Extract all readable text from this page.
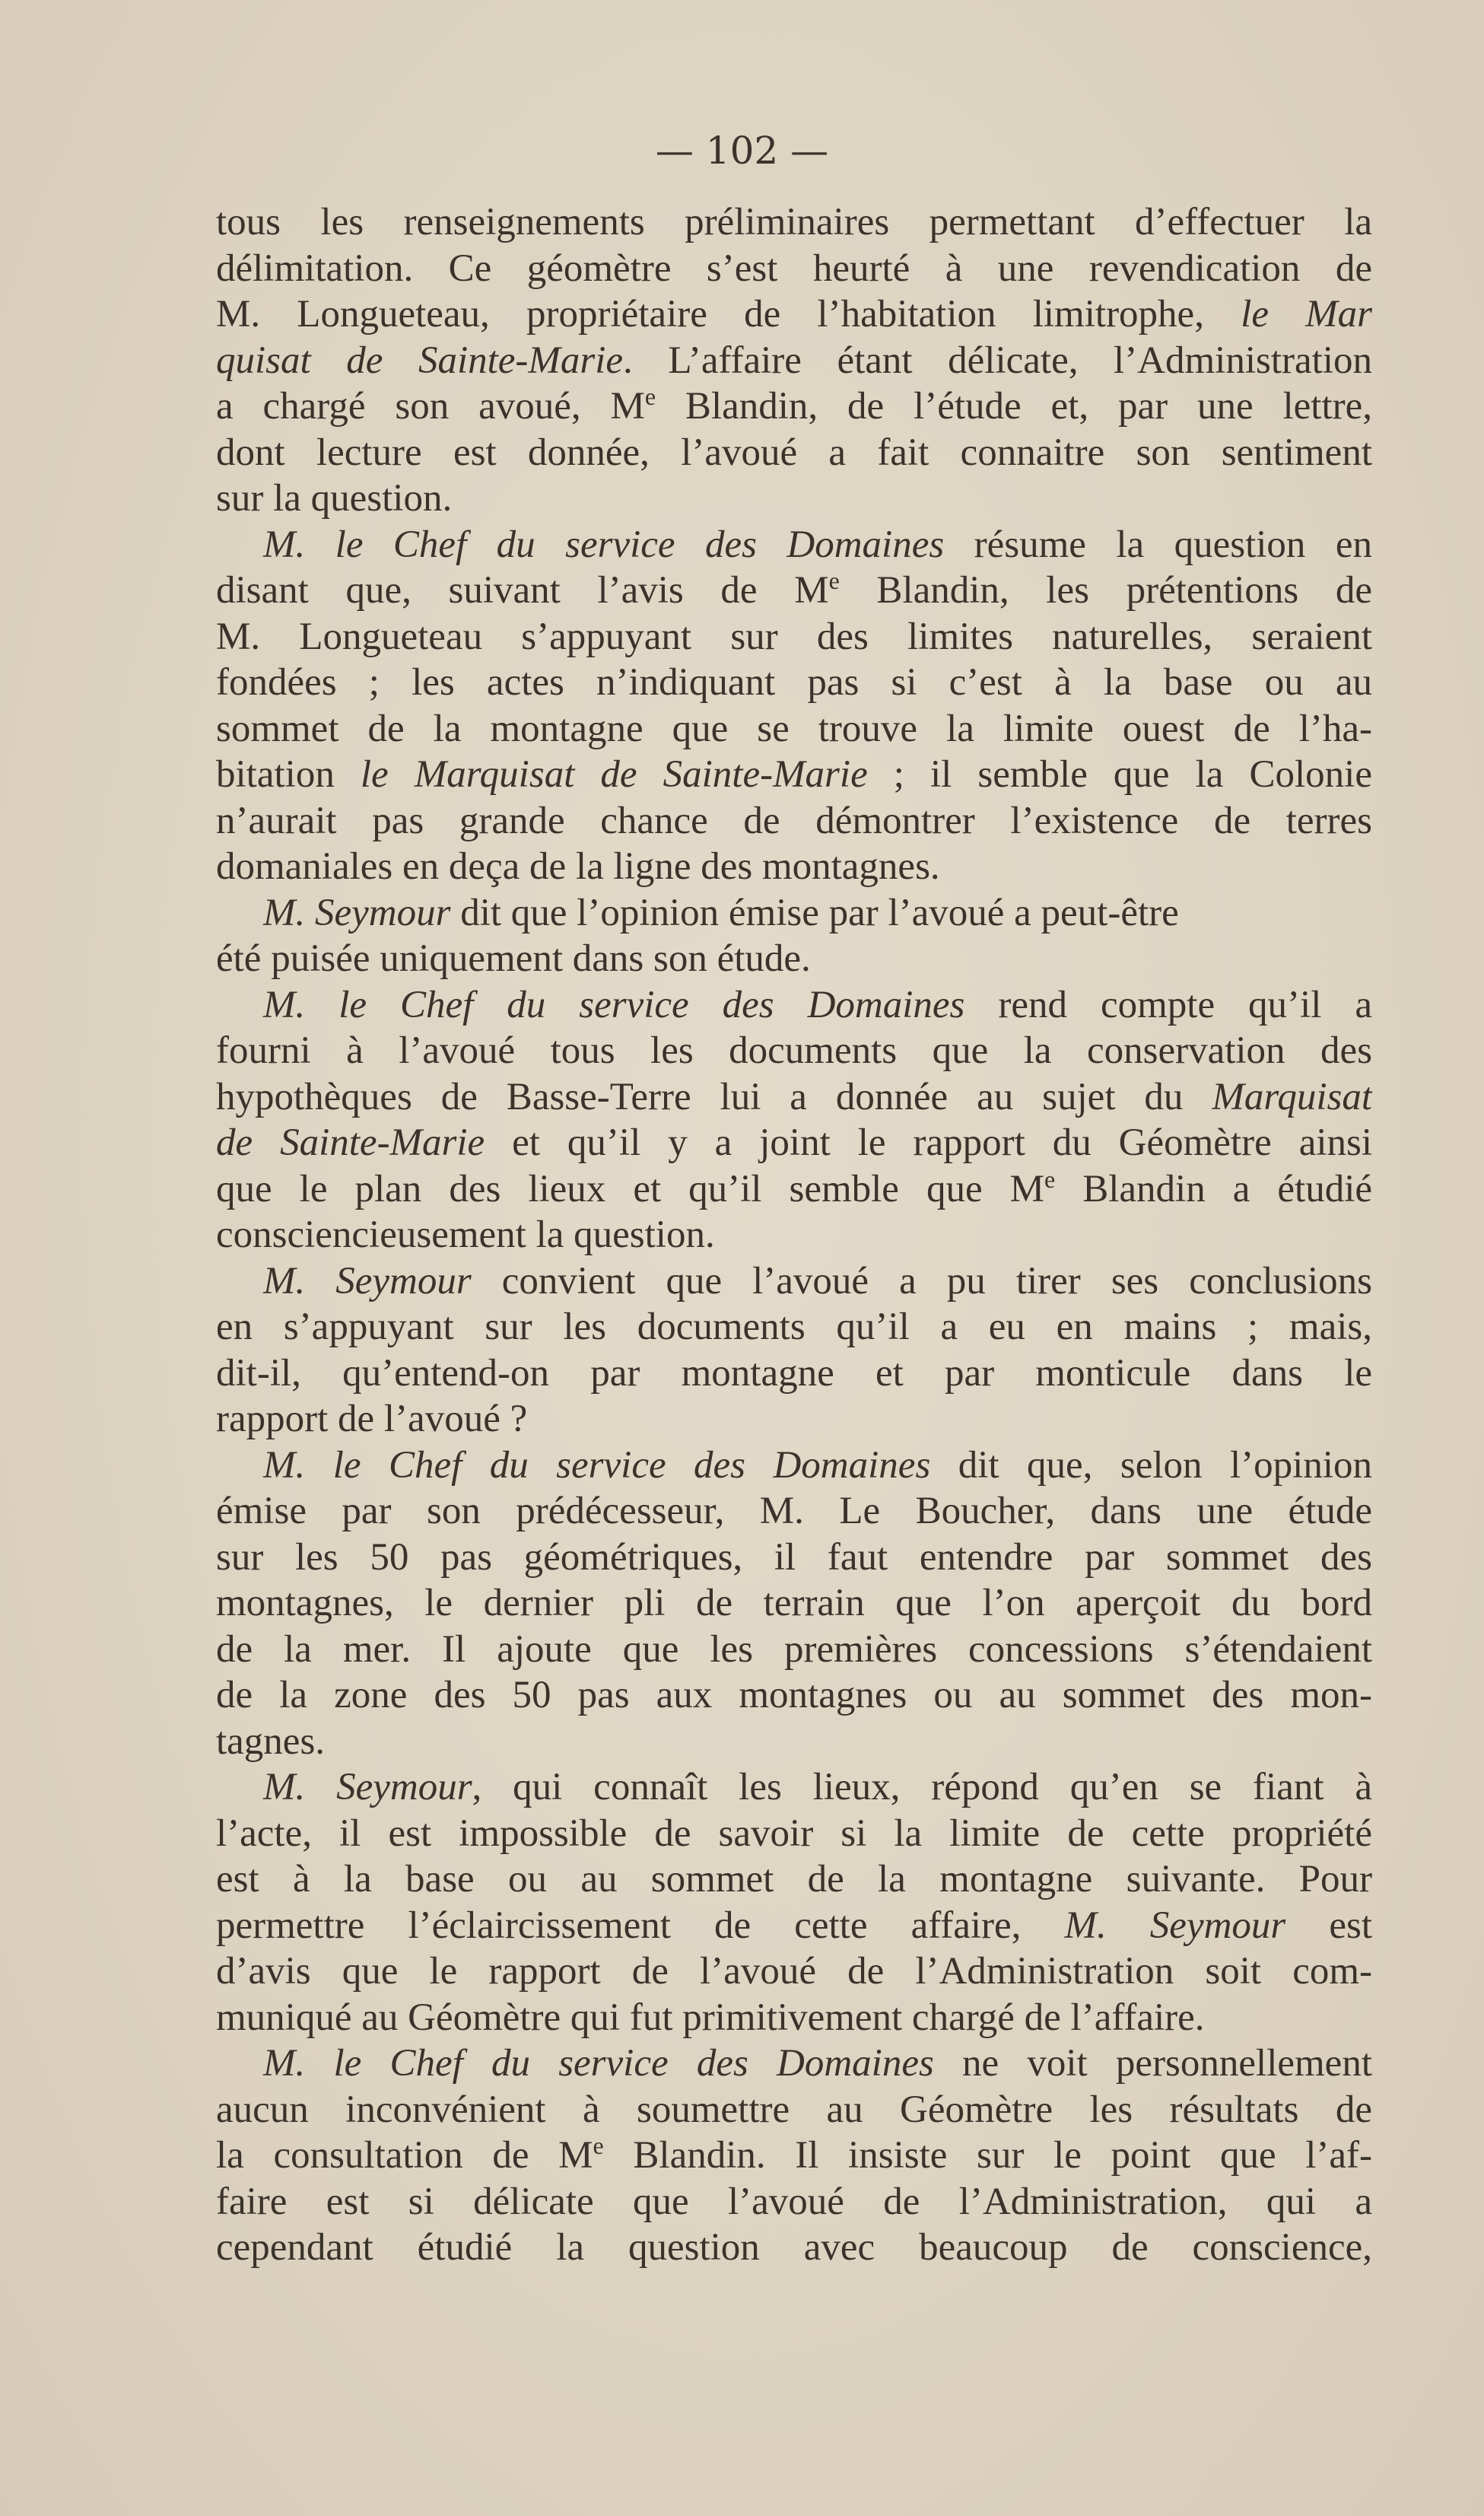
— 102 —
tous les renseignements préliminaires permettant d’effectuer la
délimitation. Ce géomètre s’est heurté à une revendication de
M. Longueteau, propriétaire de l’habitation limitrophe, le Mar
quisat de Sainte-Marie. L’affaire étant délicate, l’Administration
a chargé son avoué, Me Blandin, de l’étude et, par une lettre,
dont lecture est donnée, l’avoué a fait connaitre son sentiment
sur la question.
M. le Chef du service des Domaines résume la question en
disant que, suivant l’avis de Me Blandin, les prétentions de
M. Longueteau s’appuyant sur des limites naturelles, seraient
fondées ; les actes n’indiquant pas si c’est à la base ou au
sommet de la montagne que se trouve la limite ouest de l’ha-
bitation le Marquisat de Sainte-Marie ; il semble que la Colonie
n’aurait pas grande chance de démontrer l’existence de terres
domaniales en deça de la ligne des montagnes.
M. Seymour dit que l’opinion émise par l’avoué a peut-être
été puisée uniquement dans son étude.
M. le Chef du service des Domaines rend compte qu’il a
fourni à l’avoué tous les documents que la conservation des
hypothèques de Basse-Terre lui a donnée au sujet du Marquisat
de Sainte-Marie et qu’il y a joint le rapport du Géomètre ainsi
que le plan des lieux et qu’il semble que Me Blandin a étudié
consciencieusement la question.
M. Seymour convient que l’avoué a pu tirer ses conclusions
en s’appuyant sur les documents qu’il a eu en mains ; mais,
dit-il, qu’entend-on par montagne et par monticule dans le
rapport de l’avoué ?
M. le Chef du service des Domaines dit que, selon l’opinion
émise par son prédécesseur, M. Le Boucher, dans une étude
sur les 50 pas géométriques, il faut entendre par sommet des
montagnes, le dernier pli de terrain que l’on aperçoit du bord
de la mer. Il ajoute que les premières concessions s’étendaient
de la zone des 50 pas aux montagnes ou au sommet des mon-
tagnes.
M. Seymour, qui connaît les lieux, répond qu’en se fiant à
l’acte, il est impossible de savoir si la limite de cette propriété
est à la base ou au sommet de la montagne suivante. Pour
permettre l’éclaircissement de cette affaire, M. Seymour est
d’avis que le rapport de l’avoué de l’Administration soit com-
muniqué au Géomètre qui fut primitivement chargé de l’affaire.
M. le Chef du service des Domaines ne voit personnellement
aucun inconvénient à soumettre au Géomètre les résultats de
la consultation de Me Blandin. Il insiste sur le point que l’af-
faire est si délicate que l’avoué de l’Administration, qui a
cependant étudié la question avec beaucoup de conscience,
